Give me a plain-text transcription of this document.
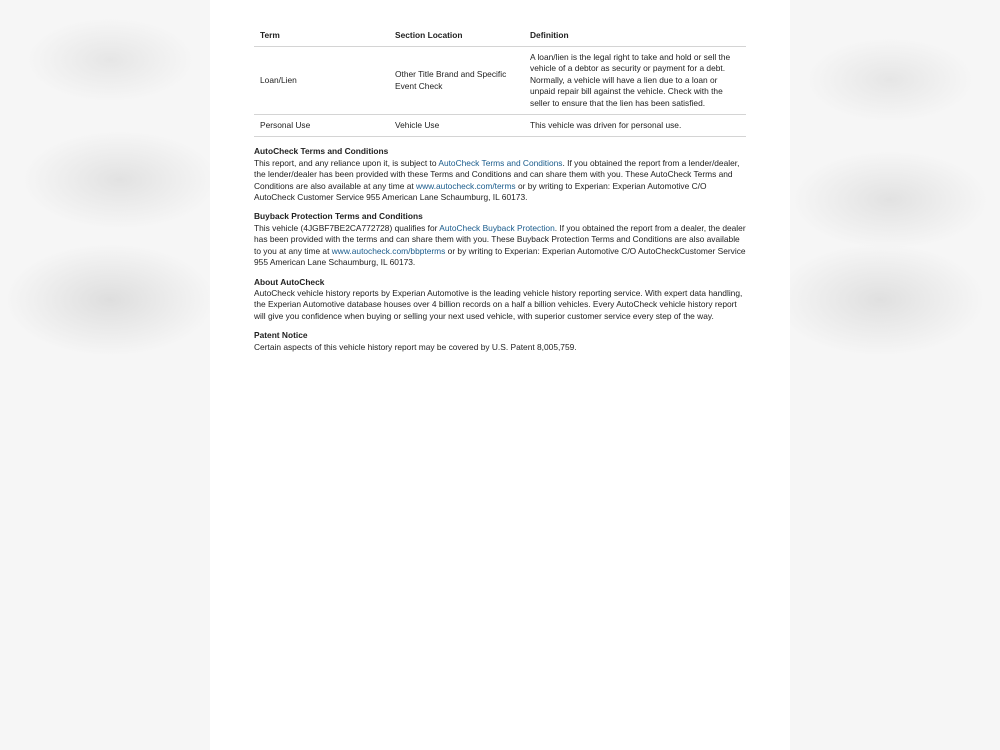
Term	Section Location	Definition
Loan/Lien	Other Title Brand and Specific Event Check	A loan/lien is the legal right to take and hold or sell the vehicle of a debtor as security or payment for a debt. Normally, a vehicle will have a lien due to a loan or unpaid repair bill against the vehicle. Check with the seller to ensure that the lien has been satisfied.
Personal Use	Vehicle Use	This vehicle was driven for personal use.
AutoCheck Terms and Conditions

This report, and any reliance upon it, is subject to AutoCheck Terms and Conditions. If you obtained the report from a lender/dealer, the lender/dealer has been provided with these Terms and Conditions and can share them with you. These AutoCheck Terms and Conditions are also available at any time at www.autocheck.com/terms or by writing to Experian: Experian Automotive C/O AutoCheck Customer Service 955 American Lane Schaumburg, IL 60173.

Buyback Protection Terms and Conditions

This vehicle (4JGBF7BE2CA772728) qualifies for AutoCheck Buyback Protection. If you obtained the report from a dealer, the dealer has been provided with the terms and can share them with you. These Buyback Protection Terms and Conditions are also available to you at any time at www.autocheck.com/bbpterms or by writing to Experian: Experian Automotive C/O AutoCheckCustomer Service 955 American Lane Schaumburg, IL 60173.

About AutoCheck

AutoCheck vehicle history reports by Experian Automotive is the leading vehicle history reporting service. With expert data handling, the Experian Automotive database houses over 4 billion records on a half a billion vehicles. Every AutoCheck vehicle history report will give you confidence when buying or selling your next used vehicle, with superior customer service every step of the way.

Patent Notice

Certain aspects of this vehicle history report may be covered by U.S. Patent 8,005,759.
